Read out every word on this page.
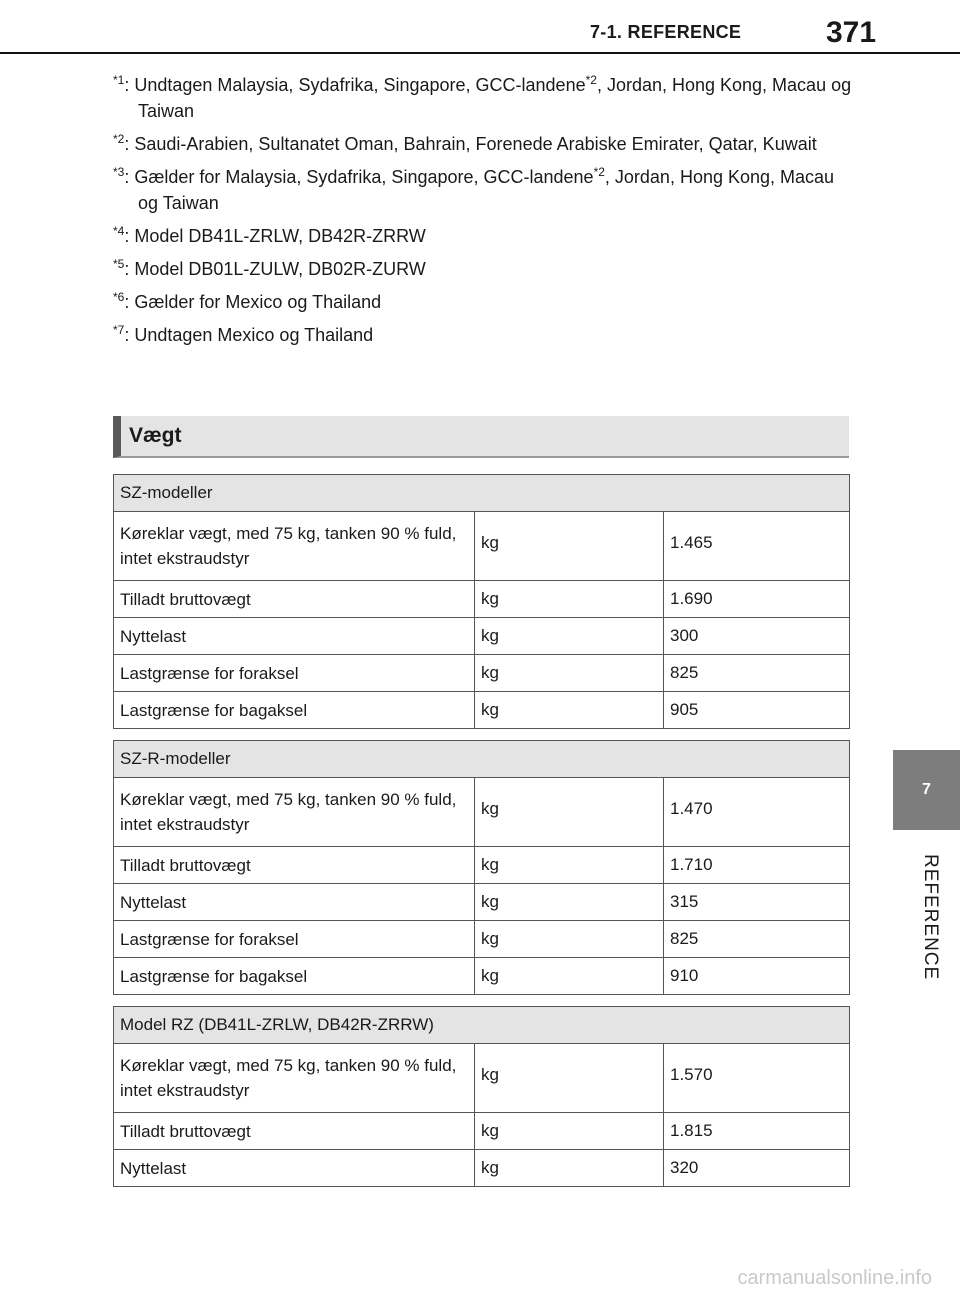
7-1. REFERENCE	371
7
REFERENCE
$^{*1}$: Undtagen Malaysia, Sydafrika, Singapore, GCC-landene$^{*2}$, Jordan, Hong Kong, Macau og Taiwan
$^{*2}$: Saudi-Arabien, Sultanatet Oman, Bahrain, Forenede Arabiske Emirater, Qatar, Kuwait
$^{*3}$: Gælder for Malaysia, Sydafrika, Singapore, GCC-landene$^{*2}$, Jordan, Hong Kong, Macau og Taiwan
$^{*4}$: Model DB41L-ZRLW, DB42R-ZRRW
$^{*5}$: Model DB01L-ZULW, DB02R-ZURW
$^{*6}$: Gælder for Mexico og Thailand
$^{*7}$: Undtagen Mexico og Thailand
Vægt
SZ-modeller		
Køreklar vægt, med 75 kg, tanken 90 % fuld, intet ekstraudstyr	kg	1.465
Tilladt bruttovægt	kg	1.690
Nyttelast	kg	300
Lastgrænse for foraksel	kg	825
Lastgrænse for bagaksel	kg	905
SZ-R-modeller		
Køreklar vægt, med 75 kg, tanken 90 % fuld, intet ekstraudstyr	kg	1.470
Tilladt bruttovægt	kg	1.710
Nyttelast	kg	315
Lastgrænse for foraksel	kg	825
Lastgrænse for bagaksel	kg	910
Model RZ (DB41L-ZRLW, DB42R-ZRRW)		
Køreklar vægt, med 75 kg, tanken 90 % fuld, intet ekstraudstyr	kg	1.570
Tilladt bruttovægt	kg	1.815
Nyttelast	kg	320
carmanualsonline.info
